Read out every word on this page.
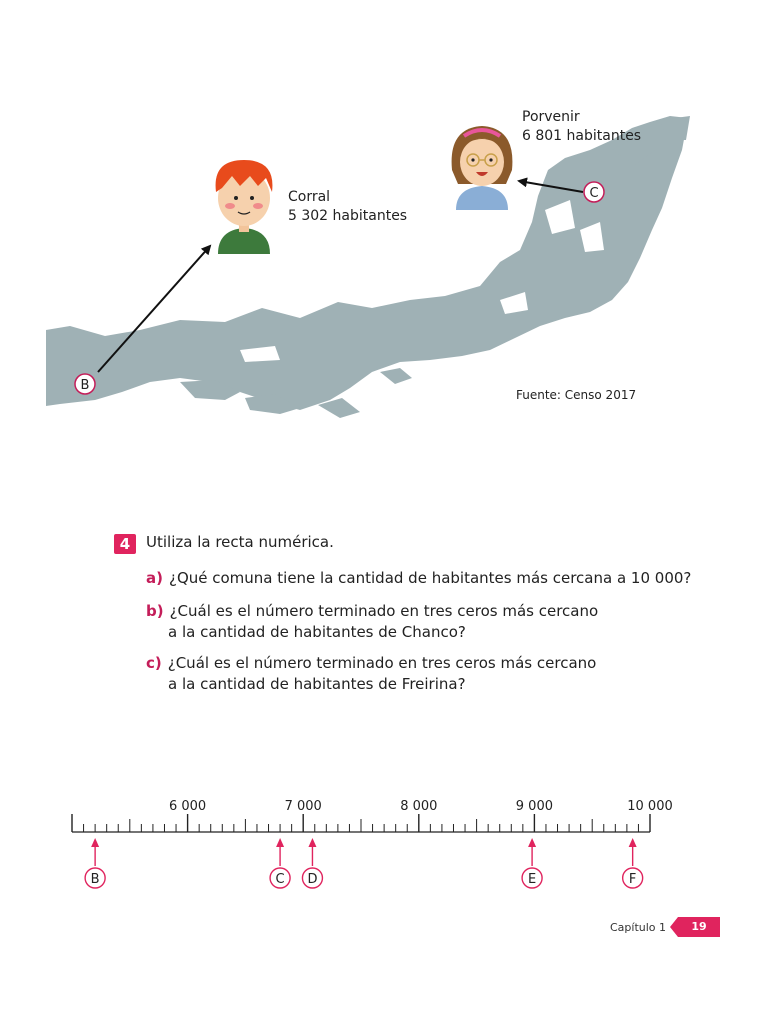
B
C
Corral
5 302 habitantes
Porvenir
6 801 habitantes
Fuente: Censo 2017
4	Utiliza la recta numérica.
a) ¿Qué comuna tiene la cantidad de habitantes más cercana a 10 000?
b) ¿Cuál es el número terminado en tres ceros más cercano
a la cantidad de habitantes de Chanco?
c) ¿Cuál es el número terminado en tres ceros más cercano
a la cantidad de habitantes de Freirina?
6 000	7 000	8 000	9 000	10 000
B	C D	E	F
Capítulo 1	19
